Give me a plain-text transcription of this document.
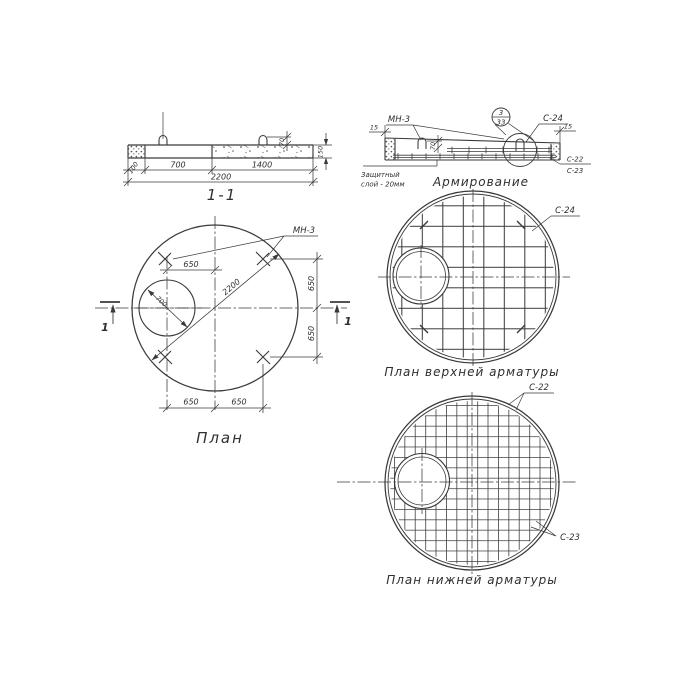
70
150
100	700	1400
2200
1-1
70
3
33
МН-3
15	15
С-24
С-22
С-23
Защитный
слой - 20мм Армирование
2200
700
650
650
650
650	650
МН-3
1	1
План
С-24
План верхней арматуры
С-22
С-23
План нижней арматуры
